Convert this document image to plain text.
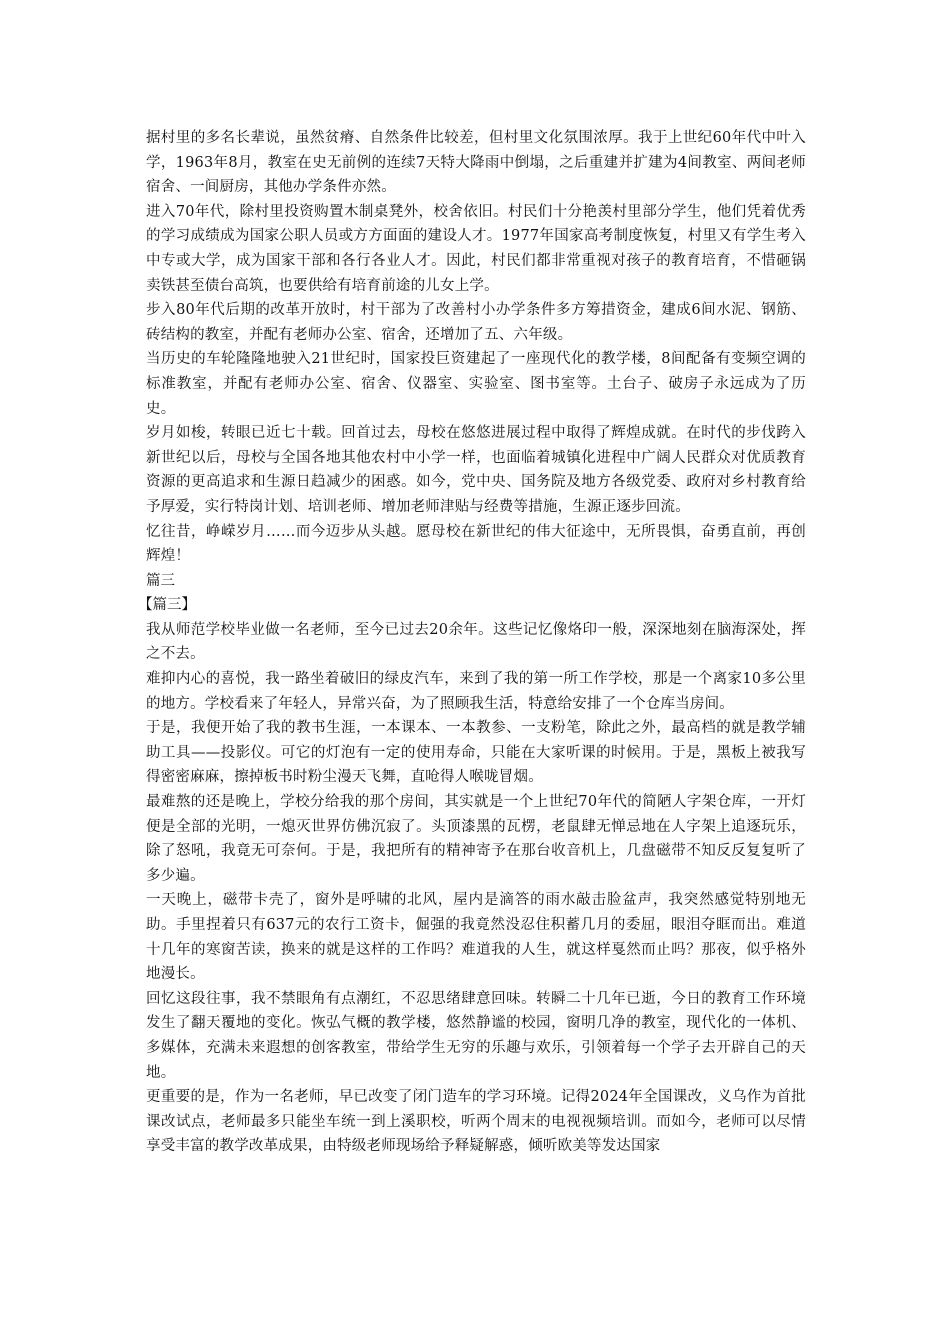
据村里的多名长辈说，虽然贫瘠、自然条件比较差，但村里文化氛围浓厚。我于上世纪60年代中叶入学，1963年8月，教室在史无前例的连续7天特大降雨中倒塌，之后重建并扩建为4间教室、两间老师宿舍、一间厨房，其他办学条件亦然。

进入70年代，除村里投资购置木制桌凳外，校舍依旧。村民们十分艳羡村里部分学生，他们凭着优秀的学习成绩成为国家公职人员或方方面面的建设人才。1977年国家高考制度恢复，村里又有学生考入中专或大学，成为国家干部和各行各业人才。因此，村民们都非常重视对孩子的教育培育，不惜砸锅卖铁甚至债台高筑，也要供给有培育前途的儿女上学。

步入80年代后期的改革开放时，村干部为了改善村小办学条件多方筹措资金，建成6间水泥、钢筋、砖结构的教室，并配有老师办公室、宿舍，还增加了五、六年级。

当历史的车轮隆隆地驶入21世纪时，国家投巨资建起了一座现代化的教学楼，8间配备有变频空调的标准教室，并配有老师办公室、宿舍、仪器室、实验室、图书室等。土台子、破房子永远成为了历史。

岁月如梭，转眼已近七十载。回首过去，母校在悠悠进展过程中取得了辉煌成就。在时代的步伐跨入新世纪以后，母校与全国各地其他农村中小学一样，也面临着城镇化进程中广阔人民群众对优质教育资源的更高追求和生源日趋减少的困惑。如今，党中央、国务院及地方各级党委、政府对乡村教育给予厚爱，实行特岗计划、培训老师、增加老师津贴与经费等措施，生源正逐步回流。

忆往昔，峥嵘岁月……而今迈步从头越。愿母校在新世纪的伟大征途中，无所畏惧，奋勇直前，再创辉煌！

篇三

【篇三】

我从师范学校毕业做一名老师，至今已过去20余年。这些记忆像烙印一般，深深地刻在脑海深处，挥之不去。

难抑内心的喜悦，我一路坐着破旧的绿皮汽车，来到了我的第一所工作学校，那是一个离家10多公里的地方。学校看来了年轻人，异常兴奋，为了照顾我生活，特意给安排了一个仓库当房间。

于是，我便开始了我的教书生涯，一本课本、一本教参、一支粉笔，除此之外，最高档的就是教学辅助工具——投影仪。可它的灯泡有一定的使用寿命，只能在大家听课的时候用。于是，黑板上被我写得密密麻麻，擦掉板书时粉尘漫天飞舞，直呛得人喉咙冒烟。

最难熬的还是晚上，学校分给我的那个房间，其实就是一个上世纪70年代的简陋人字架仓库，一开灯便是全部的光明，一熄灭世界仿佛沉寂了。头顶漆黑的瓦楞，老鼠肆无惮忌地在人字架上追逐玩乐，除了怒吼，我竟无可奈何。于是，我把所有的精神寄予在那台收音机上，几盘磁带不知反反复复听了多少遍。

一天晚上，磁带卡壳了，窗外是呼啸的北风，屋内是滴答的雨水敲击脸盆声，我突然感觉特别地无助。手里捏着只有637元的农行工资卡，倔强的我竟然没忍住积蓄几月的委屈，眼泪夺眶而出。难道十几年的寒窗苦读，换来的就是这样的工作吗？难道我的人生，就这样戛然而止吗？那夜，似乎格外地漫长。

回忆这段往事，我不禁眼角有点潮红，不忍思绪肆意回味。转瞬二十几年已逝，今日的教育工作环境发生了翻天覆地的变化。恢弘气概的教学楼，悠然静谧的校园，窗明几净的教室，现代化的一体机、多媒体，充满未来遐想的创客教室，带给学生无穷的乐趣与欢乐，引领着每一个学子去开辟自己的天地。

更重要的是，作为一名老师，早已改变了闭门造车的学习环境。记得2024年全国课改，义乌作为首批课改试点，老师最多只能坐车统一到上溪职校，听两个周末的电视视频培训。而如今，老师可以尽情享受丰富的教学改革成果，由特级老师现场给予释疑解惑，倾听欧美等发达国家
